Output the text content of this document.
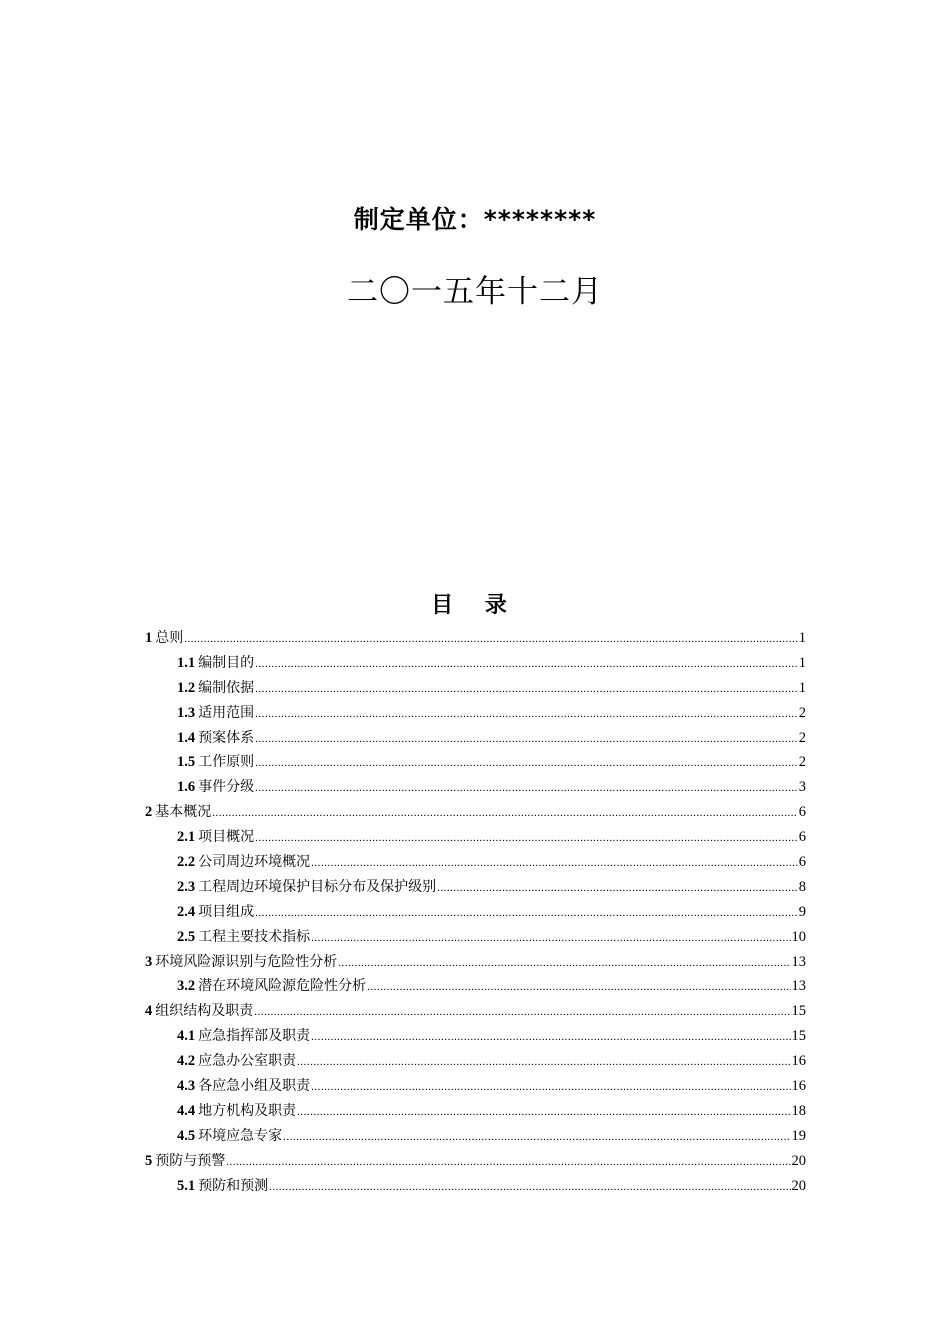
制定单位：********
二〇一五年十二月
目 录
1 总则 .....	1
1.1 编制目的 .....	1
1.2 编制依据 .....	1
1.3 适用范围 .....	2
1.4 预案体系 .....	2
1.5 工作原则 .....	2
1.6 事件分级 .....	3
2 基本概况 .....	6
2.1 项目概况 .....	6
2.2 公司周边环境概况 .....	6
2.3 工程周边环境保护目标分布及保护级别 .....	8
2.4 项目组成 .....	9
2.5 工程主要技术指标 .....	10
3 环境风险源识别与危险性分析 .....	13
3.2 潜在环境风险源危险性分析 .....	13
4 组织结构及职责 .....	15
4.1 应急指挥部及职责 .....	15
4.2 应急办公室职责 .....	16
4.3 各应急小组及职责 .....	16
4.4 地方机构及职责 .....	18
4.5 环境应急专家 .....	19
5 预防与预警 .....	20
5.1 预防和预测 .....	20
